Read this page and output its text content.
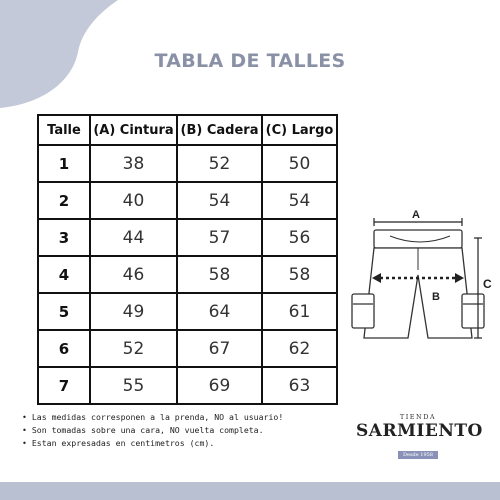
TABLA DE TALLES
Talle	(A) Cintura	(B) Cadera	(C) Largo
1	38	52	50
2	40	54	54
3	44	57	56
4	46	58	58
5	49	64	61
6	52	67	62
7	55	69	63
• Las medidas corresponen a la prenda, NO al usuario!
• Son tomadas sobre una cara, NO vuelta completa.
• Estan expresadas en centimetros (cm).
A
B
C
TIENDA
SARMIENTO
Desde 1958
